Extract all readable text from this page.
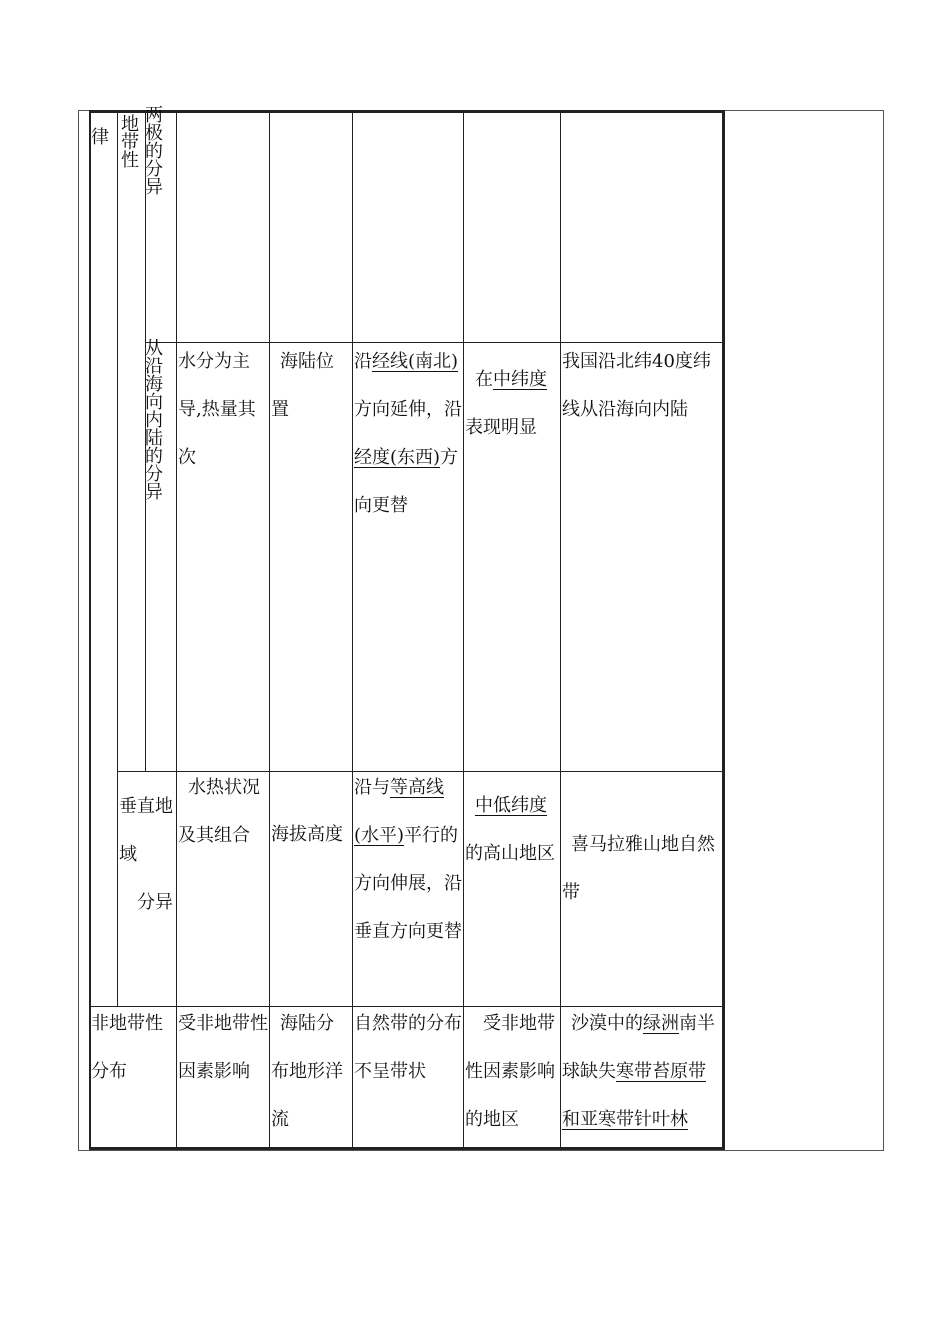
律 地带性 两极的分异
从沿海向内陆的分异 水分为主导,热量其次
海陆位置
沿经线(南北)方向延伸，沿经度(东西)方向更替
在中纬度表现明显
我国沿北纬40度纬线从沿海向内陆
垂直地域
分异
水热状况及其组合	海拔高度
沿与等高线(水平)平行的方向伸展，沿垂直方向更替
中低纬度的高山地区 喜马拉雅山地自然带
非地带性分布
受非地带性因素影响
海陆分布地形洋流
自然带的分布不呈带状
受非地带性因素影响的地区
沙漠中的绿洲南半球缺失寒带苔原带和亚寒带针叶林
